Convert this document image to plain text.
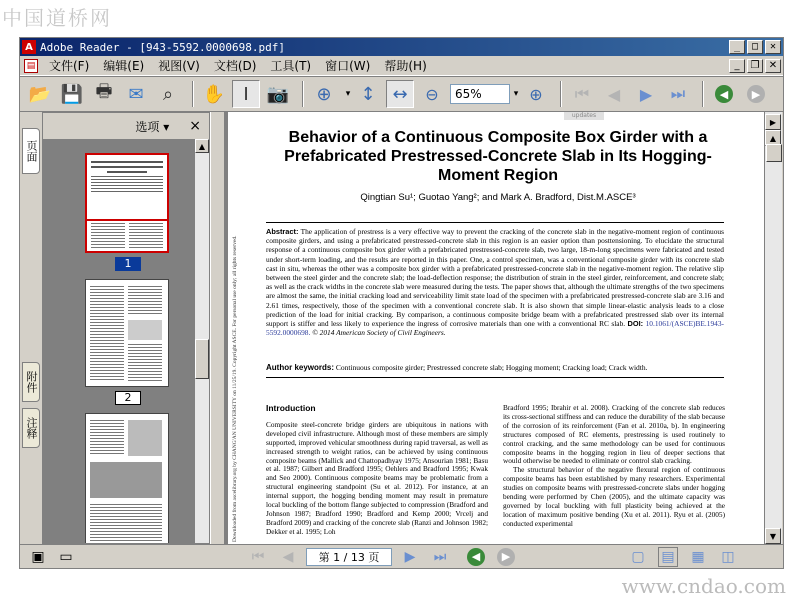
中国道桥网
A Adobe Reader - [943-5592.0000698.pdf]	_	□	✕
▤	文件(F)	编辑(E)	视图(V)	文档(D)	工具(T)	窗口(W)	帮助(H)	_	❐ ✕
📂 💾 🖶 ✉	⌕	✋	I	📷	⊕	▾ ↕ ↔	⊖	65%	▾ ⊕	⏮	◀	▶	⏭	◀	▶
页面
附件
注释
选项 ▾ ×
1
2
▲
updates
Downloaded from ascelibrary.org by CHANG'AN UNIVERSITY on 11/25/19. Copyright ASCE. For personal use only; all rights reserved.
Behavior of a Continuous Composite Box Girder with a Prefabricated Prestressed-Concrete Slab in Its Hogging-Moment Region
Qingtian Su¹; Guotao Yang²; and Mark A. Bradford, Dist.M.ASCE³
Abstract: The application of prestress is a very effective way to prevent the cracking of the concrete slab in the negative-moment region of continuous composite girders, and using a prefabricated prestressed-concrete slab in this region is an easier option than posttensioning. To elucidate the structural response of a continuous composite box girder with a prefabricated prestressed-concrete slab, two large, 18-m-long specimens were fabricated and tested under short-term loading, and the results are reported in this paper. One, a control specimen, was a conventional composite girder with its concrete slab cast in situ, whereas the other was a composite box girder with a prefabricated prestressed-concrete slab in the negative-moment region. The relative slip between the steel girder and the concrete slab; the load-deflection response; the distribution of strain in the steel girder, reinforcement, and concrete slab; as well as the crack widths in the concrete slab were measured during the tests. The paper shows that, although the ultimate strengths of the two specimens are almost the same, the initial cracking load and serviceability limit state load of the specimen with a prefabricated prestressed-concrete slab are 3.16 and 2.61 times, respectively, those of the specimen with a conventional concrete slab. It is also shown that simple linear-elastic analysis leads to a close prediction of the load for initial cracking. By comparison, a continuous composite bridge beam with a prefabricated prestressed slab over its internal support is stiffer and less likely to experience the ingress of corrosive materials than one with a conventional RC slab. DOI: 10.1061/(ASCE)BE.1943-5592.0000698. © 2014 American Society of Civil Engineers.
Author keywords: Continuous composite girder; Prestressed concrete slab; Hogging moment; Cracking load; Crack width.
Introduction
Composite steel-concrete bridge girders are ubiquitous in nations with developed civil infrastructure. Although most of these members are simply supported, improved vehicular smoothness during rapid traversal, as well as increased strength to weight ratios, can be achieved by using continuous composite beams (Mallick and Chattopadhyay 1975; Ansourian 1981; Basu et al. 1987; Gilbert and Bradford 1995; Oehlers and Bradford 1995; Kwak and Seo 2000). Continuous composite beams may be problematic from a structural engineering standpoint (Su et al. 2012). For instance, at an internal support, the hogging bending moment may result in premature local buckling of the bottom flange subjected to compression (Bradford and Johnson 1987; Bradford 1990; Bradford and Kemp 2000; Vrcelj and Bradford 2009) and cracking of the concrete slab (Ranzi and Johnson 1982; Dekker et al. 1995; Loh
Bradford 1995; Ibrahir et al. 2008). Cracking of the concrete slab reduces its cross-sectional stiffness and can reduce the durability of the slab because of the corrosion of its reinforcement (Fan et al. 2010a, b). In engineering structures composed of RC elements, prestressing is used routinely to control cracking, and the same methodology can be used for continuous composite beams in the hogging region in lieu of deeper sections that would otherwise be needed to eliminate or control slab cracking.
The structural behavior of the negative flexural region of continuous composite beams has been established by many researchers. Experimental studies on composite beams with prestressed-concrete slabs under hogging bending were performed by Chen (2005), and the ultimate capacity was governed by local buckling with full plasticity being achieved at the location of maximum positive bending (Xu et al. 2011). Ryu et al. (2005) conducted experimental
▶
▲
▼
▣ ▭	⏮	◀	第 1 / 13 页	▶	⏭	◀	▶	▢ ▤ ▦ ◫
www.cndao.com
